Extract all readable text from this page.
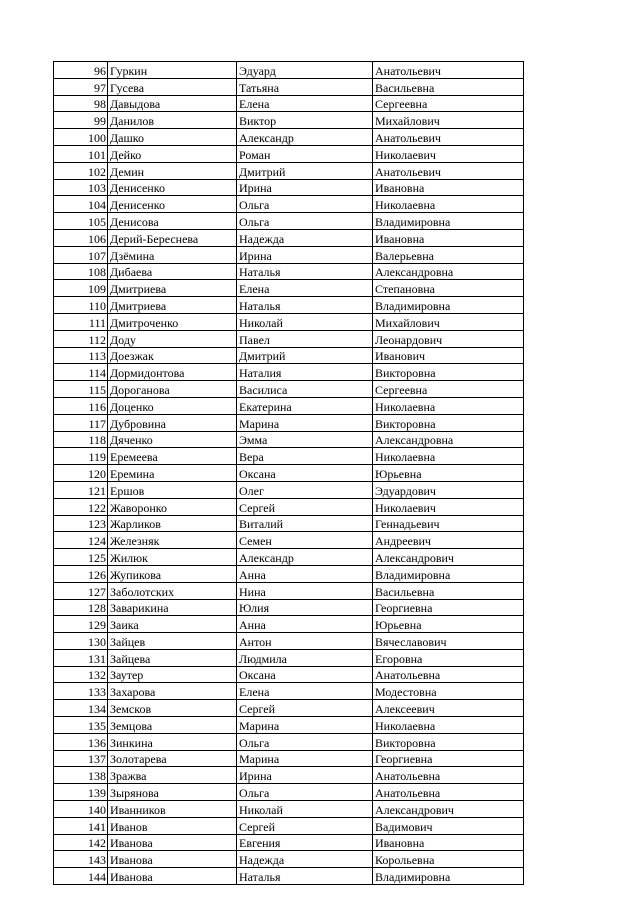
96	Гуркин	Эдуард	Анатольевич
97	Гусева	Татьяна	Васильевна
98	Давыдова	Елена	Сергеевна
99	Данилов	Виктор	Михайлович
100	Дашко	Александр	Анатольевич
101	Дейко	Роман	Николаевич
102	Демин	Дмитрий	Анатольевич
103	Денисенко	Ирина	Ивановна
104	Денисенко	Ольга	Николаевна
105	Денисова	Ольга	Владимировна
106	Дерий-Береснева	Надежда	Ивановна
107	Дзёмина	Ирина	Валерьевна
108	Дибаева	Наталья	Александровна
109	Дмитриева	Елена	Степановна
110	Дмитриева	Наталья	Владимировна
111	Дмитроченко	Николай	Михайлович
112	Доду	Павел	Леонардович
113	Доезжак	Дмитрий	Иванович
114	Дормидонтова	Наталия	Викторовна
115	Дороганова	Василиса	Сергеевна
116	Доценко	Екатерина	Николаевна
117	Дубровина	Марина	Викторовна
118	Дяченко	Эмма	Александровна
119	Еремеева	Вера	Николаевна
120	Еремина	Оксана	Юрьевна
121	Ершов	Олег	Эдуардович
122	Жаворонко	Сергей	Николаевич
123	Жарликов	Виталий	Геннадьевич
124	Железняк	Семен	Андреевич
125	Жилюк	Александр	Александрович
126	Жупикова	Анна	Владимировна
127	Заболотских	Нина	Васильевна
128	Заварикина	Юлия	Георгиевна
129	Заика	Анна	Юрьевна
130	Зайцев	Антон	Вячеславович
131	Зайцева	Людмила	Егоровна
132	Заутер	Оксана	Анатольевна
133	Захарова	Елена	Модестовна
134	Земсков	Сергей	Алексеевич
135	Земцова	Марина	Николаевна
136	Зинкина	Ольга	Викторовна
137	Золотарева	Марина	Георгиевна
138	Зражва	Ирина	Анатольевна
139	Зырянова	Ольга	Анатольевна
140	Иванников	Николай	Александрович
141	Иванов	Сергей	Вадимович
142	Иванова	Евгения	Ивановна
143	Иванова	Надежда	Корольевна
144	Иванова	Наталья	Владимировна
